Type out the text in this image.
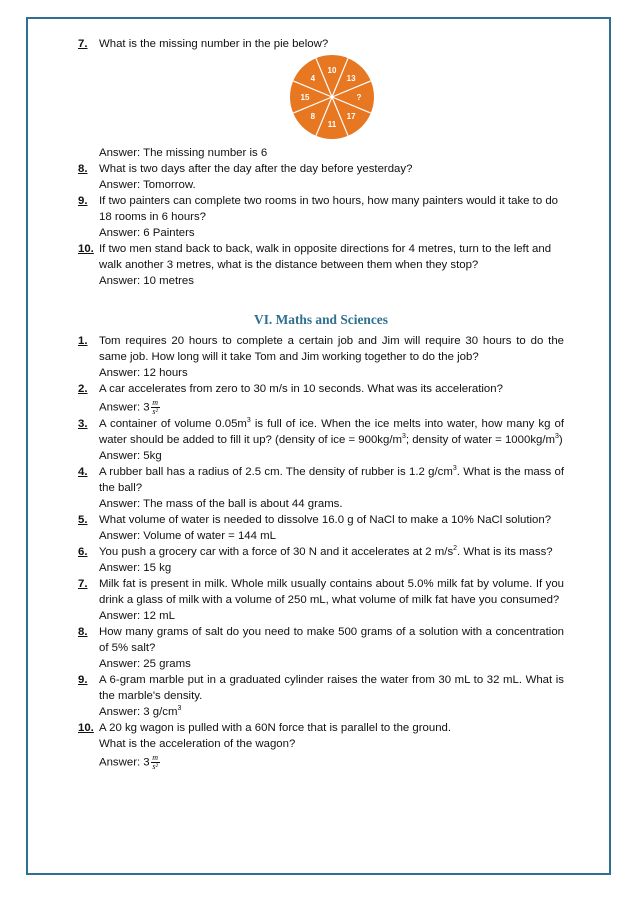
7.	What is the missing number in the pie below?
10
13
?
17
11
8
15
4
Answer: The missing number is 6
8.	What is two days after the day after the day before yesterday?
Answer: Tomorrow.
9.	If two painters can complete two rooms in two hours, how many painters would it take to do 18 rooms in 6 hours?
Answer: 6 Painters
10. If two men stand back to back, walk in opposite directions for 4 metres, turn to the left and walk another 3 metres, what is the distance between them when they stop?
Answer: 10 metres
VI. Maths and Sciences
1.	Tom requires 20 hours to complete a certain job and Jim will require 30 hours to do the same job. How long will it take Tom and Jim working together to do the job?
Answer: 12 hours
2.	A car accelerates from zero to 30 m/s in 10 seconds. What was its acceleration?
Answer: $3 \frac{m}{\text{s²}}$
3.	A container of volume $0.05m^3$ is full of ice. When the ice melts into water, how many kg of water should be added to fill it up? (density of ice = $900kg/m^3$; density of water = $1000kg/m^3$)
Answer: 5kg
4.	A rubber ball has a radius of 2.5 cm. The density of rubber is 1.2 $g/cm^3$. What is the mass of the ball?
Answer: The mass of the ball is about 44 grams.
5.	What volume of water is needed to dissolve 16.0 g of NaCl to make a 10% NaCl solution?
Answer: Volume of water = 144 mL
6.	You push a grocery car with a force of 30 N and it accelerates at 2 $m/s^2$. What is its mass?
Answer: 15 kg
7.	Milk fat is present in milk. Whole milk usually contains about 5.0% milk fat by volume. If you drink a glass of milk with a volume of 250 mL, what volume of milk fat have you consumed?
Answer: 12 mL
8.	How many grams of salt do you need to make 500 grams of a solution with a concentration of 5% salt?
Answer: 25 grams
9.	A 6-gram marble put in a graduated cylinder raises the water from 30 mL to 32 mL. What is the marble's density.
Answer: 3 $g/cm^3$
10. A 20 kg wagon is pulled with a 60N force that is parallel to the ground.
What is the acceleration of the wagon?
Answer: $3 \frac{m}{\text{s²}}$
